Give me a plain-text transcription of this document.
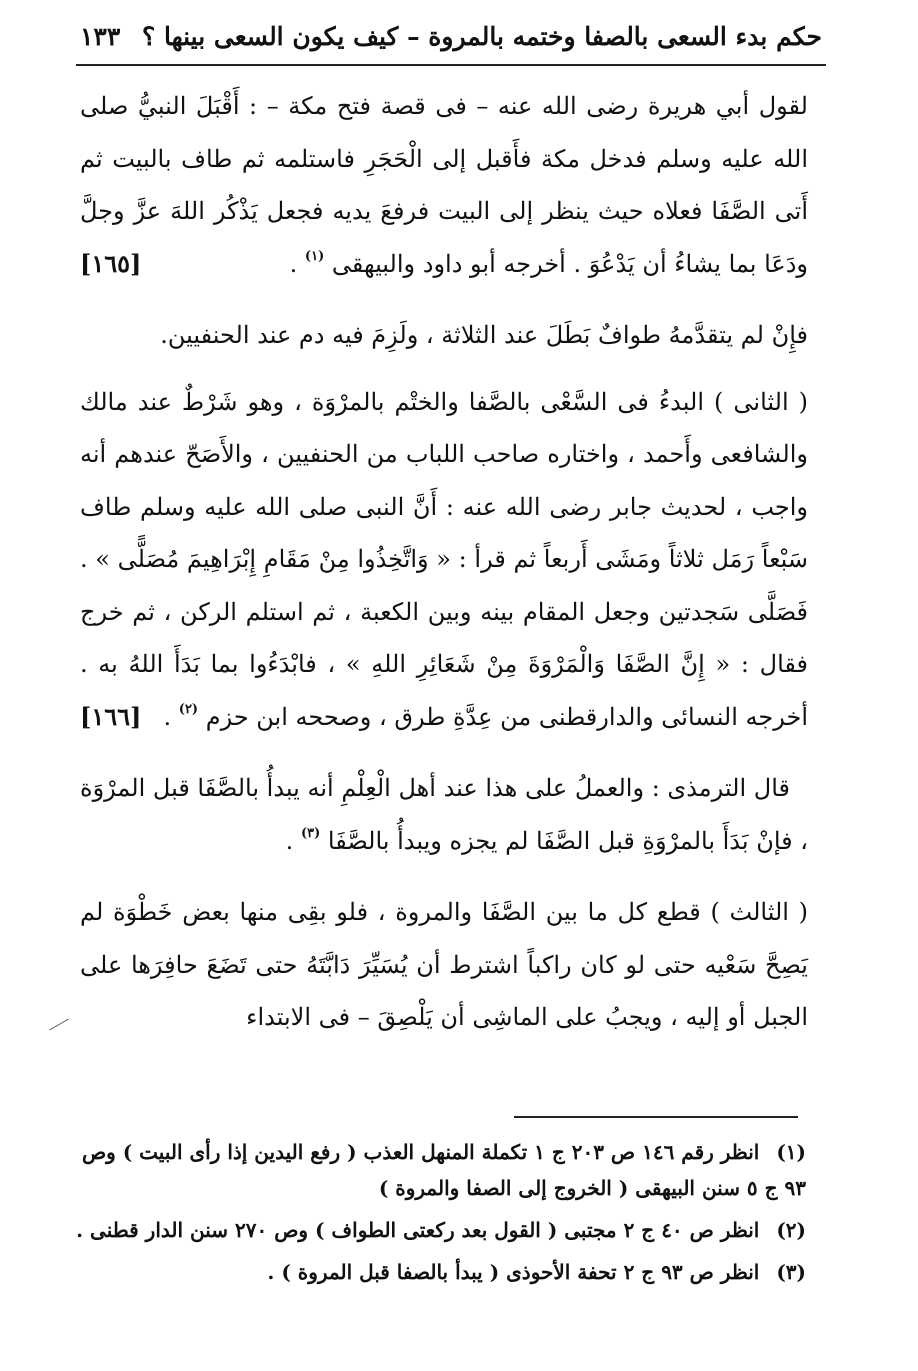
حكم بدء السعى بالصفا وختمه بالمروة – كيف يكون السعى بينها ؟
١٣٣

لقول أبي هريرة رضى الله عنه – فى قصة فتح مكة – : أَقْبَلَ النبيُّ صلى الله عليه وسلم فدخل مكة فأَقبل إلى الْحَجَرِ فاستلمه ثم طاف بالبيت ثم أَتى الصَّفَا فعلاه حيث ينظر إلى البيت فرفعَ يديه فجعل يَذْكُر اللهَ عزَّ وجلَّ ودَعَا بما يشاءُ أن يَدْعُوَ . أخرجه أبو داود والبيهقى $^{(١)}$ .
[١٦٥]

فإِنْ لم يتقدَّمهُ طوافٌ بَطَلَ عند الثلاثة ، ولَزِمَ فيه دم عند الحنفيين.

( الثانى ) البدءُ فى السَّعْى بالصَّفا والختْم بالمرْوَة ، وهو شَرْطٌ عند مالك والشافعى وأَحمد ، واختاره صاحب اللباب من الحنفيين ، والأَصَحّ عندهم أنه واجب ، لحديث جابر رضى الله عنه : أَنَّ النبى صلى الله عليه وسلم طاف سَبْعاً رَمَل ثلاثاً ومَشَى أَربعاً ثم قرأ : « وَاتَّخِذُوا مِنْ مَقَامِ إِبْرَاهِيمَ مُصَلًّى » . فَصَلَّى سَجدتين وجعل المقام بينه وبين الكعبة ، ثم استلم الركن ، ثم خرج فقال : « إِنَّ الصَّفَا وَالْمَرْوَةَ مِنْ شَعَائِرِ اللهِ » ، فابْدَءُوا بما بَدَأَ اللهُ به . أخرجه النسائى والدارقطنى من عِدَّةِ طرق ، وصححه ابن حزم $^{(٢)}$ .
[١٦٦]

قال الترمذى : والعملُ على هذا عند أهل الْعِلْمِ أنه يبدأُ بالصَّفَا قبل المرْوَة ، فإنْ بَدَأَ بالمرْوَةِ قبل الصَّفَا لم يجزه ويبدأُ بالصَّفَا $^{(٣)}$ .

( الثالث ) قطع كل ما بين الصَّفَا والمروة ، فلو بقِى منها بعض خَطْوَة لم يَصِحَّ سَعْيه حتى لو كان راكباً اشترط أن يُسَيِّرَ دَابَّتَهُ حتى تَضَعَ حافِرَها على الجبل أو إليه ، ويجبُ على الماشِى أن يَلْصِقَ – فى الابتداء

(١) انظر رقم ١٤٦ ص ٢٠٣ ج ١ تكملة المنهل العذب ( رفع اليدين إذا رأى البيت ) وص ٩٣ ج ٥ سنن البيهقى ( الخروج إلى الصفا والمروة )

(٢) انظر ص ٤٠ ج ٢ مجتبى ( القول بعد ركعتى الطواف ) وص ٢٧٠ سنن الدار قطنى .

(٣) انظر ص ٩٣ ج ٢ تحفة الأحوذى ( يبدأ بالصفا قبل المروة ) .
